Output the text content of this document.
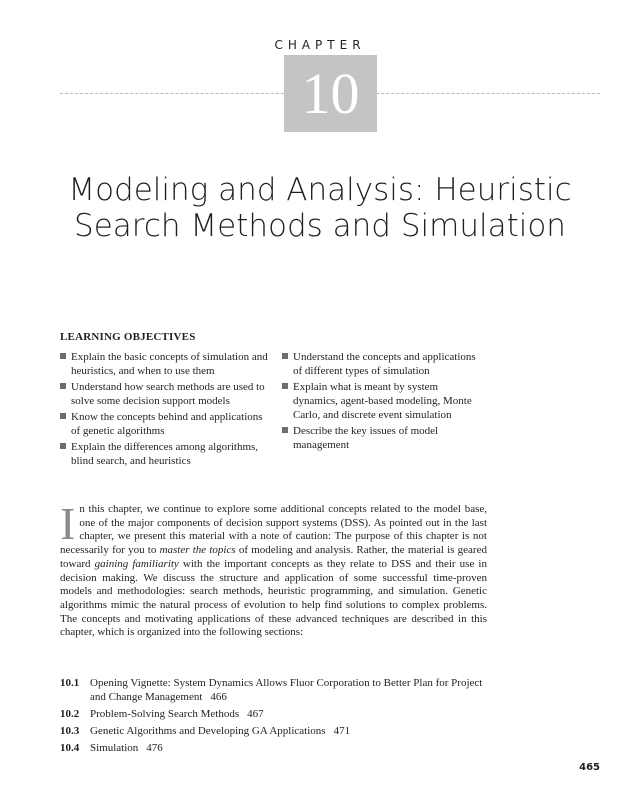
CHAPTER
10
Modeling and Analysis: Heuristic
Search Methods and Simulation
LEARNING OBJECTIVES
Explain the basic concepts of simulation and heuristics, and when to use them
Understand how search methods are used to solve some decision support models
Know the concepts behind and applications of genetic algorithms
Explain the differences among algorithms, blind search, and heuristics
Understand the concepts and applications of different types of simulation
Explain what is meant by system dynamics, agent-based modeling, Monte Carlo, and discrete event simulation
Describe the key issues of model management

In this chapter, we continue to explore some additional concepts related to the model base, one of the major components of decision support systems (DSS). As pointed out in the last chapter, we present this material with a note of caution: The purpose of this chapter is not necessarily for you to master the topics of modeling and analysis. Rather, the material is geared toward gaining familiarity with the important concepts as they relate to DSS and their use in decision making. We discuss the structure and application of some successful time-proven models and methodologies: search methods, heuristic programming, and simulation. Genetic algorithms mimic the natural process of evolution to help find solutions to complex problems. The concepts and motivating applications of these advanced techniques are described in this chapter, which is organized into the following sections:

10.1 Opening Vignette: System Dynamics Allows Fluor Corporation to Better Plan for Project and Change Management 466
10.2 Problem-Solving Search Methods 467
10.3 Genetic Algorithms and Developing GA Applications 471
10.4 Simulation 476
465
